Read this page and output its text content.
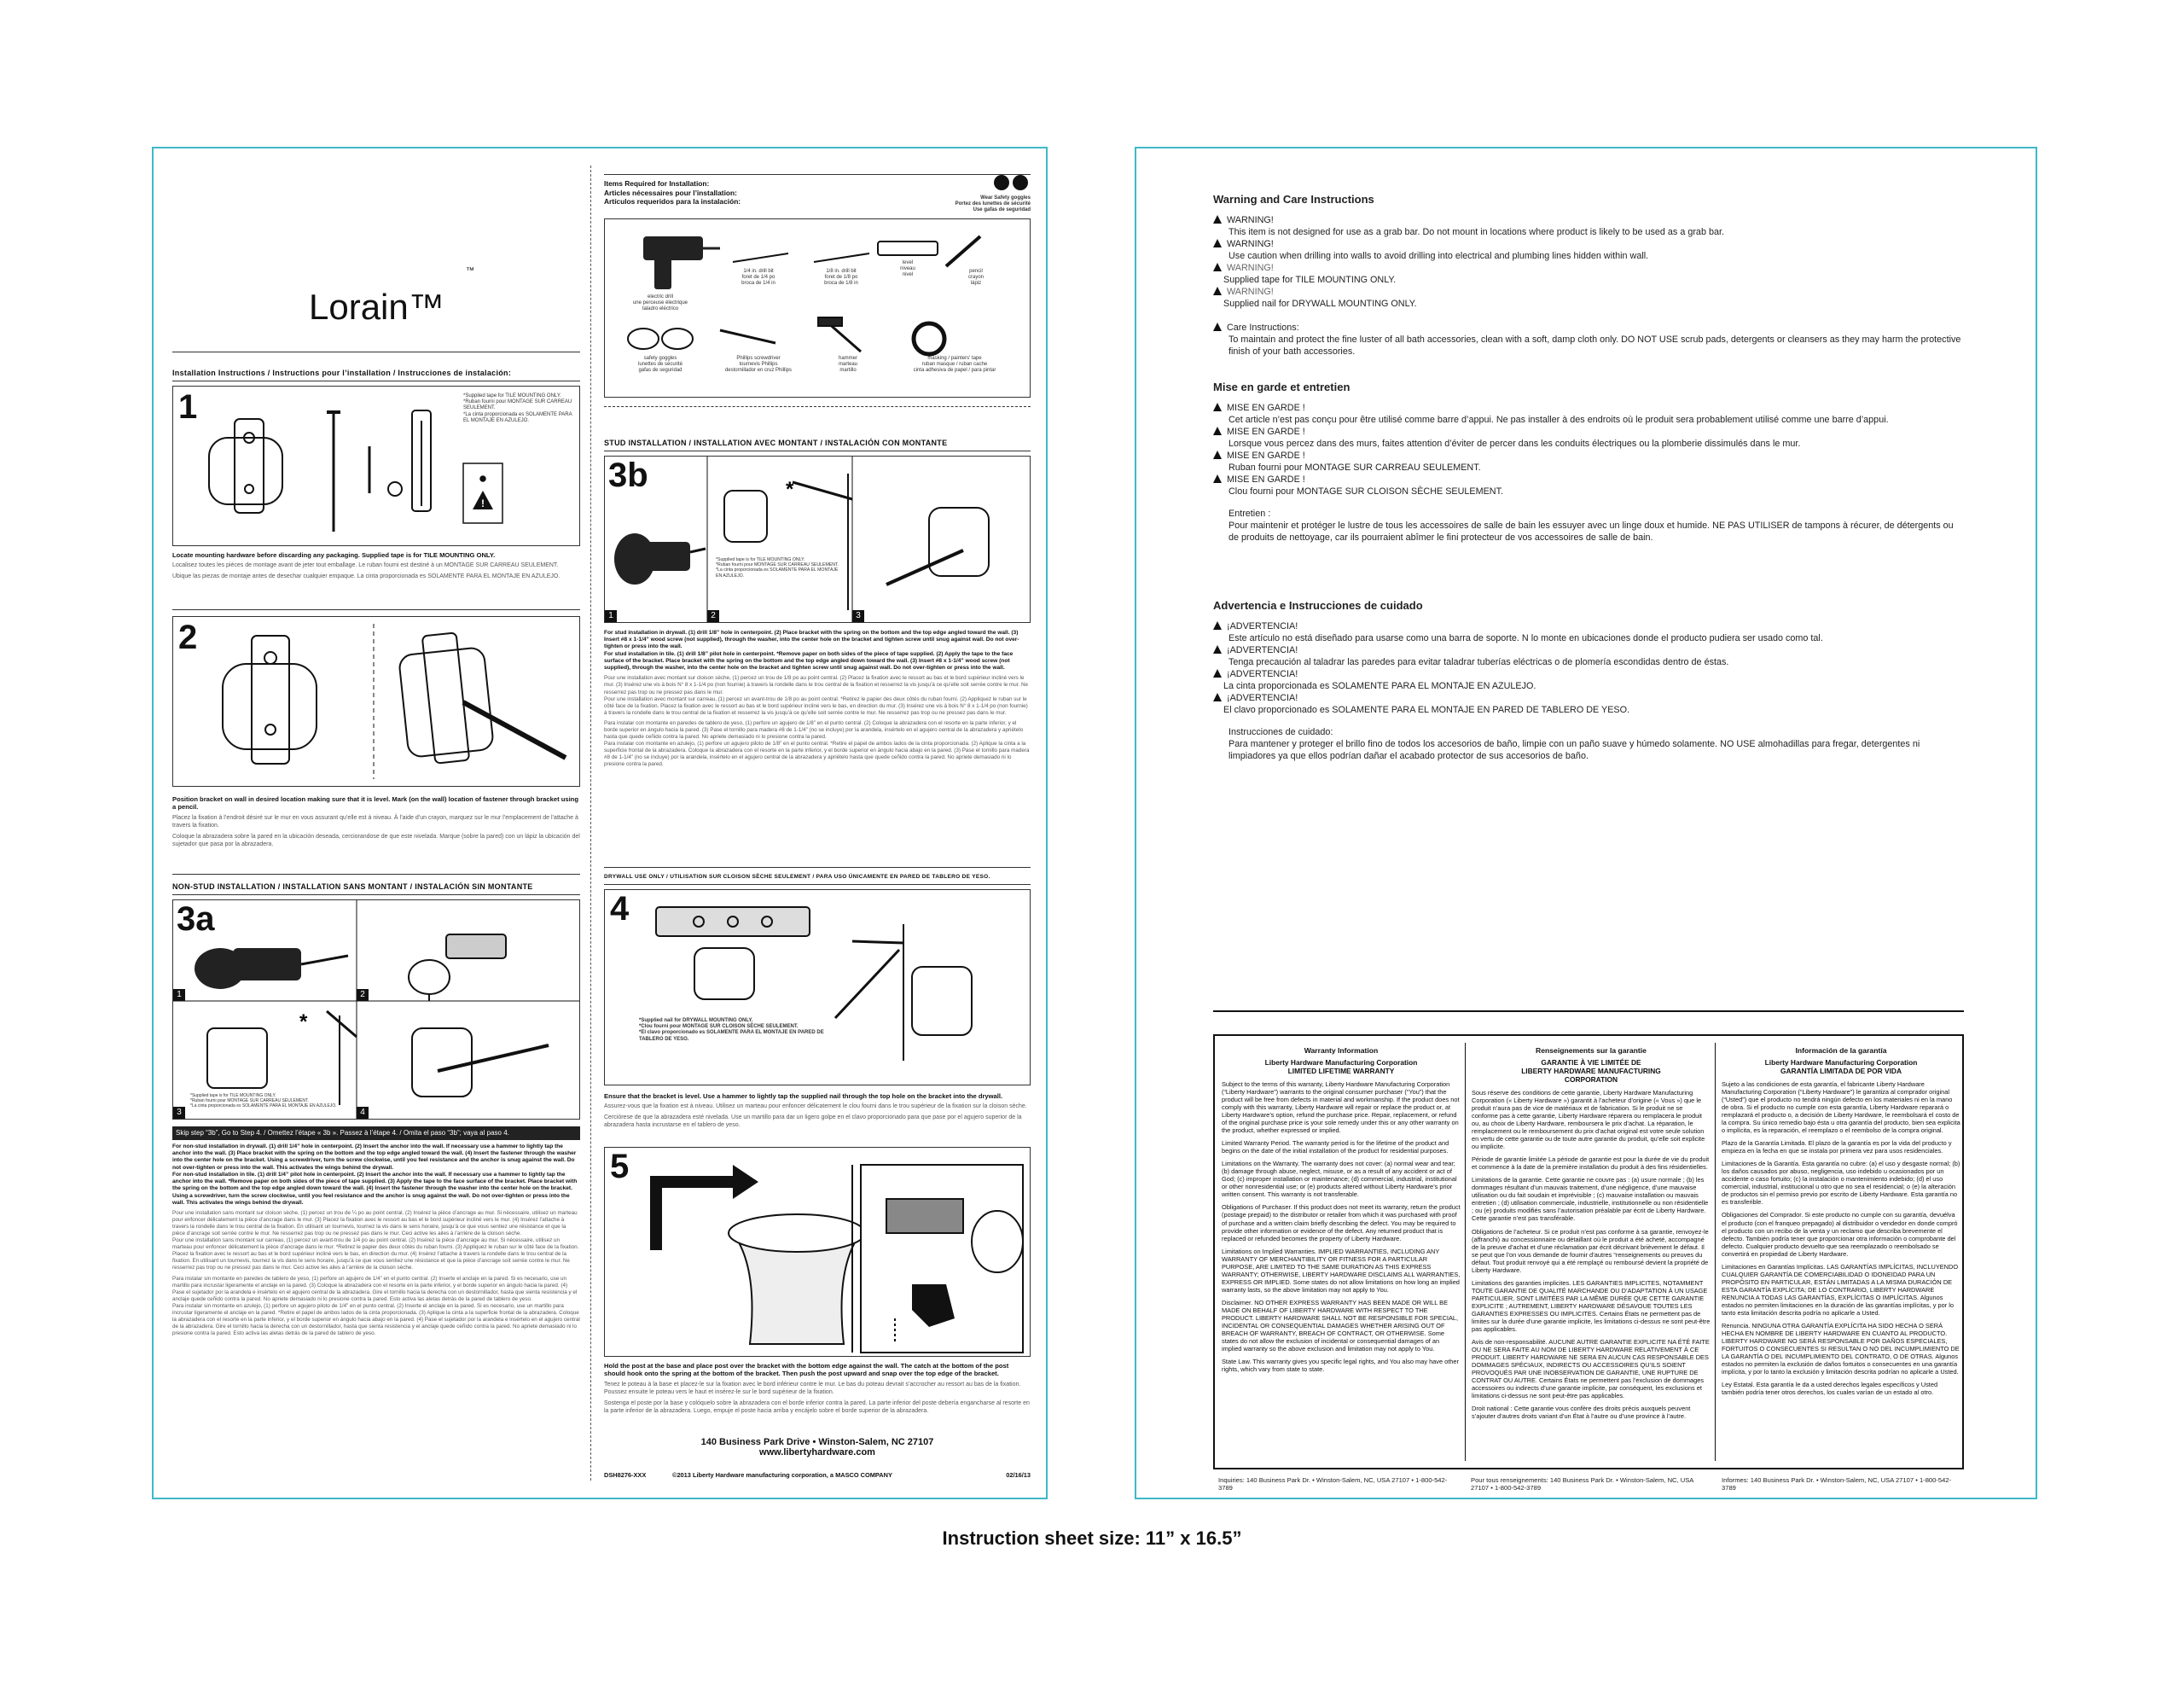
™
Lorain™
Installation Instructions / Instructions pour l’installation / Instrucciones de instalación:
1
!
*Supplied tape for TILE MOUNTING ONLY.
*Ruban fourni pour MONTAGE SUR CARREAU SEULEMENT.
*La cinta proporcionada es SOLAMENTE PARA EL MONTAJE EN AZULEJO.
Locate mounting hardware before discarding any packaging. Supplied tape is for TILE MOUNTING ONLY.
Localisez toutes les pièces de montage avant de jeter tout emballage. Le ruban fourni est destiné à un MONTAGE SUR CARREAU SEULEMENT.
Ubique las piezas de montaje antes de desechar cualquier empaque. La cinta proporcionada es SOLAMENTE PARA EL MONTAJE EN AZULEJO.
2
Position bracket on wall in desired location making sure that it is level. Mark (on the wall) location of fastener through bracket using a pencil.
Placez la fixation à l’endroit désiré sur le mur en vous assurant qu’elle est à niveau. À l’aide d’un crayon, marquez sur le mur l’emplacement de l’attache à travers la fixation.
Coloque la abrazadera sobre la pared en la ubicación deseada, cerciorandose de que este nivelada. Marque (sobre la pared) con un lápiz la ubicación del sujetador que pasa por la abrazadera.
NON-STUD INSTALLATION / INSTALLATION SANS MONTANT / INSTALACIÓN SIN MONTANTE
3a
*
1	2
3	4
*Supplied tape is for TILE MOUNTING ONLY.
*Ruban fourni pour MONTAGE SUR CARREAU SEULEMENT.
*La cinta proporcionada es SOLAMENTE PARA EL MONTAJE EN AZULEJO.
Skip step “3b”, Go to Step 4. / Omettez l’étape « 3b ». Passez à l’étape 4. / Omita el paso “3b”; vaya al paso 4.
For non-stud installation in drywall. (1) drill 1/4” hole in centerpoint. (2) Insert the anchor into the wall. If necessary use a hammer to lightly tap the anchor into the wall. (3) Place bracket with the spring on the bottom and the top edge angled toward the wall. (4) Insert the fastener through the washer into the center hole on the bracket. Using a screwdriver, turn the screw clockwise, until you feel resistance and the anchor is snug against the wall. Do not over-tighten or press into the wall. This activates the wings behind the drywall.
For non-stud installation in tile. (1) drill 1/4” pilot hole in centerpoint. (2) Insert the anchor into the wall. If necessary use a hammer to lightly tap the anchor into the wall. *Remove paper on both sides of the piece of tape supplied. (3) Apply the tape to the face surface of the bracket. Place bracket with the spring on the bottom and the top edge angled down toward the wall. (4) Insert the fastener through the washer into the center hole on the bracket. Using a screwdriver, turn the screw clockwise, until you feel resistance and the anchor is snug against the wall. Do not over-tighten or press into the wall. This activates the wings behind the drywall.
Pour une installation sans montant sur cloison sèche, (1) percez un trou de ¼ po au point central. (2) Insérez la pièce d’ancrage au mur. Si nécessaire, utilisez un marteau pour enfoncer délicatement la pièce d’ancrage dans le mur. (3) Placez la fixation avec le ressort au bas et le bord supérieur incliné vers le mur. (4) Insérez l’attache à travers la rondelle dans le trou central de la fixation. En utilisant un tournevis, tournez la vis dans le sens horaire, jusqu’à ce que vous sentiez une résistance et que la pièce d’ancrage soit serrée contre le mur. Ne resserrez pas trop ou ne pressez pas dans le mur. Ceci active les ailes à l’arrière de la cloison sèche.
Pour une installation sans montant sur carreau, (1) percez un avant-trou de 1/4 po au point central. (2) Insérez la pièce d’ancrage au mur. Si nécessaire, utilisez un marteau pour enfoncer délicatement la pièce d’ancrage dans le mur. *Retirez le papier des deux côtés du ruban fourni. (3) Appliquez le ruban sur le côté face de la fixation. Placez la fixation avec le ressort au bas et le bord supérieur incliné vers le bas, en direction du mur. (4) Insérez l’attache à travers la rondelle dans le trou central de la fixation. En utilisant un tournevis, tournez la vis dans le sens horaire, jusqu’à ce que vous sentiez une résistance et que la pièce d’ancrage soit serrée contre le mur. Ne resserrez pas trop ou ne pressez pas dans le mur. Ceci active les ailes à l’arrière de la cloison sèche.
Para instalar sin montante en paredes de tablero de yeso, (1) perfore un agujero de 1/4” en el punto central. (2) Inserte el anclaje en la pared. Si es necesario, use un martillo para incrustar ligeramente el anclaje en la pared. (3) Coloque la abrazadera con el resorte en la parte inferior, y el borde superior en ángulo hacia la pared. (4) Pase el sujetador por la arandela e insértelo en el agujero central de la abrazadera. Gire el tornillo hacia la derecha con un destornillador, hasta que sienta resistencia y el anclaje quede ceñido contra la pared. No apriete demasiado ni lo presione contra la pared. Esto activa las aletas detrás de la pared de tablero de yeso.
Para instalar sin montante en azulejo, (1) perfore un agujero piloto de 1/4” en el punto central. (2) Inserte el anclaje en la pared. Si es necesario, use un martillo para incrustar ligeramente el anclaje en la pared. *Retire el papel de ambos lados de la cinta proporcionada. (3) Aplique la cinta a la superficie frontal de la abrazadera. Coloque la abrazadera con el resorte en la parte inferior, y el borde superior en ángulo hacia abajo en la pared. (4) Pase el sujetador por la arandela e insértelo en el agujero central de la abrazadera. Gire el tornillo hacia la derecha con un destornillador, hasta que sienta resistencia y el anclaje quede ceñido contra la pared. No apriete demasiado ni lo presione contra la pared. Esto activa las aletas detrás de la pared de tablero de yeso.
Items Required for Installation:
Articles nécessaires pour l’installation:
Artículos requeridos para la instalación:	Wear Safety goggles
Portez des lunettes de sécurité
Use gafas de seguridad
electric drill
une perceuse électrique
taladro eléctrico
1/4 in. drill bit
foret de 1/4 po
broca de 1/4 in
1/8 in. drill bit
foret de 1/8 po
broca de 1/8 in
level
niveau
nivel
pencil
crayon
lápiz
safety goggles
lunettes de sécurité
gafas de seguridad
Phillips screwdriver
tournevis Phillips
destornillador en cruz Phillips
hammer
marteau
martillo
masking / painters' tape
ruban masque / ruban cache
cinta adhesiva de papel / para pintar
STUD INSTALLATION / INSTALLATION AVEC MONTANT / INSTALACIÓN CON MONTANTE
3b	*
*Supplied tape is for TILE MOUNTING ONLY.
*Ruban fourni pour MONTAGE SUR CARREAU SEULEMENT.
*La cinta proporcionada es SOLAMENTE PARA EL MONTAJE EN AZULEJO.
1	2	3
For stud installation in drywall. (1) drill 1/8” hole in centerpoint. (2) Place bracket with the spring on the bottom and the top edge angled toward the wall. (3) Insert #8 x 1-1/4” wood screw (not supplied), through the washer, into the center hole on the bracket and tighten screw until snug against wall. Do not over-tighten or press into the wall.
For stud installation in tile. (1) drill 1/8” pilot hole in centerpoint. *Remove paper on both sides of the piece of tape supplied. (2) Apply the tape to the face surface of the bracket. Place bracket with the spring on the bottom and the top edge angled down toward the wall. (3) Insert #8 x 1-1/4” wood screw (not supplied), through the washer, into the center hole on the bracket and tighten screw until snug against wall. Do not over-tighten or press into the wall.
Pour une installation avec montant sur cloison sèche, (1) percez un trou de 1/8 po au point central. (2) Placez la fixation avec le ressort au bas et le bord supérieur incliné vers le mur. (3) Insérez une vis à bois N° 8 x 1-1/4 po (non fournie) à travers la rondelle dans le trou central de la fixation et resserrez la vis jusqu’à ce qu’elle soit serrée contre le mur. Ne resserrez pas trop ou ne pressez pas dans le mur.
Pour une installation avec montant sur carreau, (1) percez un avant-trou de 1/8 po au point central. *Retirez le papier des deux côtés du ruban fourni. (2) Appliquez le ruban sur le côté face de la fixation. Placez la fixation avec le ressort au bas et le bord supérieur incliné vers le bas, en direction du mur. (3) Insérez une vis à bois N° 8 x 1-1/4 po (non fournie) à travers la rondelle dans le trou central de la fixation et resserrez la vis jusqu’à ce qu’elle soit serrée contre le mur. Ne resserrez pas trop ou ne pressez pas dans le mur.
Para instalar con montante en paredes de tablero de yeso, (1) perfore un agujero de 1/8” en el punto central. (2) Coloque la abrazadera con el resorte en la parte inferior, y el borde superior en ángulo hacia la pared. (3) Pase el tornillo para madera #8 de 1-1/4” (no se incluye) por la arandela, insértelo en el agujero central de la abrazadera y apriételo hasta que quede ceñido contra la pared. No apriete demasiado ni lo presione contra la pared.
Para instalar con montante en azulejo, (1) perfore un agujero piloto de 1/8” en el punto central. *Retire el papel de ambos lados de la cinta proporcionada. (2) Aplique la cinta a la superficie frontal de la abrazadera. Coloque la abrazadera con el resorte en la parte inferior, y el borde superior en ángulo hacia abajo en la pared. (3) Pase el tornillo para madera #8 de 1-1/4” (no se incluye) por la arandela, insértelo en el agujero central de la abrazadera y apriételo hasta que quede ceñido contra la pared. No apriete demasiado ni lo presione contra la pared.
DRYWALL USE ONLY / UTILISATION SUR CLOISON SÈCHE SEULEMENT / PARA USO ÚNICAMENTE EN PARED DE TABLERO DE YESO.
4
*Supplied nail for DRYWALL MOUNTING ONLY.
*Clou fourni pour MONTAGE SUR CLOISON SÈCHE SEULEMENT.
*El clavo proporcionado es SOLAMENTE PARA EL MONTAJE EN PARED DE TABLERO DE YESO.
Ensure that the bracket is level. Use a hammer to lightly tap the supplied nail through the top hole on the bracket into the drywall.
Assurez-vous que la fixation est à niveau. Utilisez un marteau pour enfoncer délicatement le clou fourni dans le trou supérieur de la fixation sur la cloison sèche.
Cerciórese de que la abrazadera esté nivelada. Use un martillo para dar un ligero golpe en el clavo proporcionado para que pase por el agujero superior de la abrazadera hasta incrustarse en el tablero de yeso.
5
Hold the post at the base and place post over the bracket with the bottom edge against the wall. The catch at the bottom of the post should hook onto the spring at the bottom of the bracket. Then push the post upward and snap over the top edge of the bracket.
Tenez le poteau à la base et placez-le sur la fixation avec le bord inférieur contre le mur. Le bas du poteau devrait s’accrocher au ressort au bas de la fixation. Poussez ensuite le poteau vers le haut et insérez-le sur le bord supérieur de la fixation.
Sostenga el poste por la base y colóquelo sobre la abrazadera con el borde inferior contra la pared. La parte inferior del poste debería engancharse al resorte en la parte inferior de la abrazadera. Luego, empuje el poste hacia arriba y encájelo sobre el borde superior de la abrazadera.
140 Business Park Drive • Winston-Salem, NC 27107
www.libertyhardware.com
DSH8276-XXX	©2013 Liberty Hardware manufacturing corporation, a MASCO COMPANY	02/16/13
Warning and Care Instructions
WARNING!
This item is not designed for use as a grab bar. Do not mount in locations where product is likely to be used as a grab bar.
WARNING!
Use caution when drilling into walls to avoid drilling into electrical and plumbing lines hidden within wall.
WARNING!
Supplied tape for TILE MOUNTING ONLY.
WARNING!
Supplied nail for DRYWALL MOUNTING ONLY.
Care Instructions:
To maintain and protect the fine luster of all bath accessories, clean with a soft, damp cloth only. DO NOT USE scrub pads, detergents or cleansers as they may harm the protective finish of your bath accessories.
Mise en garde et entretien
MISE EN GARDE !
Cet article n’est pas conçu pour être utilisé comme barre d’appui. Ne pas installer à des endroits où le produit sera probablement utilisé comme une barre d’appui.
MISE EN GARDE !
Lorsque vous percez dans des murs, faites attention d’éviter de percer dans les conduits électriques ou la plomberie dissimulés dans le mur.
MISE EN GARDE !
Ruban fourni pour MONTAGE SUR CARREAU SEULEMENT.
MISE EN GARDE !
Clou fourni pour MONTAGE SUR CLOISON SÈCHE SEULEMENT.
Entretien :
Pour maintenir et protéger le lustre de tous les accessoires de salle de bain les essuyer avec un linge doux et humide. NE PAS UTILISER de tampons à récurer, de détergents ou de produits de nettoyage, car ils pourraient abîmer le fini protecteur de vos accessoires de salle de bain.
Advertencia e Instrucciones de cuidado
¡ADVERTENCIA!
Este artículo no está diseñado para usarse como una barra de soporte. N lo monte en ubicaciones donde el producto pudiera ser usado como tal.
¡ADVERTENCIA!
Tenga precaución al taladrar las paredes para evitar taladrar tuberías eléctricas o de plomería escondidas dentro de éstas.
¡ADVERTENCIA!
La cinta proporcionada es SOLAMENTE PARA EL MONTAJE EN AZULEJO.
¡ADVERTENCIA!
El clavo proporcionado es SOLAMENTE PARA EL MONTAJE EN PARED DE TABLERO DE YESO.
Instrucciones de cuidado:
Para mantener y proteger el brillo fino de todos los accesorios de baño, limpie con un paño suave y húmedo solamente. NO USE almohadillas para fregar, detergentes ni limpiadores ya que ellos podrían dañar el acabado protector de sus accesorios de baño.
Warranty Information
Liberty Hardware Manufacturing Corporation
LIMITED LIFETIME WARRANTY

Subject to the terms of this warranty, Liberty Hardware Manufacturing Corporation (“Liberty Hardware”) warrants to the original consumer purchaser (“You”) that the product will be free from defects in material and workmanship. If the product does not comply with this warranty, Liberty Hardware will repair or replace the product or, at Liberty Hardware’s option, refund the purchase price. Repair, replacement, or refund of the original purchase price is your sole remedy under this or any other warranty on the product, whether expressed or implied.

Limited Warranty Period. The warranty period is for the lifetime of the product and begins on the date of the initial installation of the product for residential purposes.

Limitations on the Warranty. The warranty does not cover: (a) normal wear and tear; (b) damage through abuse, neglect, misuse, or as a result of any accident or act of God; (c) improper installation or maintenance; (d) commercial, industrial, institutional or other nonresidential use; or (e) products altered without Liberty Hardware’s prior written consent. This warranty is not transferable.

Obligations of Purchaser. If this product does not meet its warranty, return the product (postage prepaid) to the distributor or retailer from which it was purchased with proof of purchase and a written claim briefly describing the defect. You may be required to provide other information or evidence of the defect. Any returned product that is replaced or refunded becomes the property of Liberty Hardware.

Limitations on Implied Warranties. IMPLIED WARRANTIES, INCLUDING ANY WARRANTY OF MERCHANTIBILITY OR FITNESS FOR A PARTICULAR PURPOSE, ARE LIMITED TO THE SAME DURATION AS THIS EXPRESS WARRANTY; OTHERWISE, LIBERTY HARDWARE DISCLAIMS ALL WARRANTIES, EXPRESS OR IMPLIED. Some states do not allow limitations on how long an implied warranty lasts, so the above limitation may not apply to You.

Disclaimer. NO OTHER EXPRESS WARRANTY HAS BEEN MADE OR WILL BE MADE ON BEHALF OF LIBERTY HARDWARE WITH RESPECT TO THE PRODUCT. LIBERTY HARDWARE SHALL NOT BE RESPONSIBLE FOR SPECIAL, INCIDENTAL OR CONSEQUENTIAL DAMAGES WHETHER ARISING OUT OF BREACH OF WARRANTY, BREACH OF CONTRACT, OR OTHERWISE. Some states do not allow the exclusion of incidental or consequential damages of an implied warranty so the above exclusion and limitation may not apply to You.

State Law. This warranty gives you specific legal rights, and You also may have other rights, which vary from state to state.

Renseignements sur la garantie
GARANTIE À VIE LIMITÉE DE
LIBERTY HARDWARE MANUFACTURING
CORPORATION

Sous réserve des conditions de cette garantie, Liberty Hardware Manufacturing Corporation (« Liberty Hardware ») garantit à l’acheteur d’origine (« Vous ») que le produit n’aura pas de vice de matériaux et de fabrication. Si le produit ne se conforme pas à cette garantie, Liberty Hardware réparera ou remplacera le produit ou, au choix de Liberty Hardware, remboursera le prix d’achat. La réparation, le remplacement ou le remboursement du prix d’achat original est votre seule solution en vertu de cette garantie ou de toute autre garantie du produit, qu’elle soit explicite ou implicite.

Période de garantie limitée La période de garantie est pour la durée de vie du produit et commence à la date de la première installation du produit à des fins résidentielles.

Limitations de la garantie. Cette garantie ne couvre pas : (a) usure normale ; (b) les dommages résultant d’un mauvais traitement, d’une négligence, d’une mauvaise utilisation ou du fait soudain et imprévisible ; (c) mauvaise installation ou mauvais entretien ; (d) utilisation commerciale, industrielle, institutionnelle ou non résidentielle ; ou (e) produits modifiés sans l’autorisation préalable par écrit de Liberty Hardware. Cette garantie n’est pas transférable.

Obligations de l’acheteur. Si ce produit n’est pas conforme à sa garantie, renvoyez-le (affranchi) au concessionnaire ou détaillant où le produit a été acheté, accompagné de la preuve d’achat et d’une réclamation par écrit décrivant brièvement le défaut. Il se peut que l’on vous demande de fournir d’autres “renseignements ou preuves du défaut. Tout produit renvoyé qui a été remplaçé ou remboursé devient la propriété de Liberty Hardware.

Limitations des garanties implicites. LES GARANTIES IMPLICITES, NOTAMMENT TOUTE GARANTIE DE QUALITÉ MARCHANDE OU D’ADAPTATION À UN USAGE PARTICULIER, SONT LIMITÉES PAR LA MÊME DURÉE QUE CETTE GARANTIE EXPLICITE ; AUTREMENT, LIBERTY HARDWARE DÉSAVOUE TOUTES LES GARANTIES EXPRESSES OU IMPLICITES. Certains États ne permettent pas de limites sur la durée d’une garantie implicite, les limitations ci-dessus ne sont peut-être pas applicables.

Avis de non-responsabilité. AUCUNE AUTRE GARANTIE EXPLICITE NA ÉTÉ FAITE OU NE SERA FAITE AU NOM DE LIBERTY HARDWARE RELATIVEMENT À CE PRODUIT. LIBERTY HARDWARE NE SERA EN AUCUN CAS RESPONSABLE DES DOMMAGES SPÉCIAUX, INDIRECTS OU ACCESSOIRES QU’ILS SOIENT PROVOQUÉS PAR UNE INOBSERVATION DE GARANTIE, UNE RUPTURE DE CONTRAT OU AUTRE. Certains États ne permettent pas l’exclusion de dommages accessoires ou indirects d’une garantie implicite, par conséquent, les exclusions et limitations ci-dessus ne sont peut-être pas applicables.

Droit national : Cette garantie vous confère des droits précis auxquels peuvent s’ajouter d’autres droits variant d’un État à l’autre ou d’une province à l’autre.

Información de la garantía
Liberty Hardware Manufacturing Corporation
GARANTÍA LIMITADA DE POR VIDA

Sujeto a las condiciones de esta garantía, el fabricante Liberty Hardware Manufacturing Corporation (“Liberty Hardware”) le garantiza al comprador original (“Usted”) que el producto no tendrá ningún defecto en los materiales ni en la mano de obra. Si el producto no cumple con esta garantía, Liberty Hardware reparará o remplazará el producto o, a decisión de Liberty Hardware, le reembolsará el costo de la compra. Su único remedio bajo ésta u otra garantía del producto, bien sea explicita o implícita, es la reparación, el reemplazo o el reembolso de la compra original.

Plazo de la Garantía Limitada. El plazo de la garantía es por la vida del producto y empieza en la fecha en que se instala por primera vez para usos residenciales.

Limitaciones de la Garantía. Esta garantía no cubre: (a) el uso y desgaste normal; (b) los daños causados por abuso, negligencia, uso indebido u ocasionados por un accidente o caso fortuito; (c) la instalación o mantenimiento indebido; (d) el uso comercial, industrial, institucional u otro que no sea el residencial; o (e) la alteración de productos sin el permiso previo por escrito de Liberty Hardware. Esta garantía no es transferible.

Obligaciones del Comprador. Si este producto no cumple con su garantía, devuélva el producto (con el franqueo prepagado) al distribuidor o vendedor en donde compró el producto con un recibo de la venta y un reclamo que describa brevemente el defecto. También podría tener que proporcionar otra información o comprobante del defecto. Cualquier producto devuelto que sea reemplazado o reembolsado se convertirá en propiedad de Liberty Hardware.

Limitaciones en Garantías Implícitas. LAS GARANTÍAS IMPLÍCITAS, INCLUYENDO CUALQUIER GARANTÍA DE COMERCIABILIDAD O IDONEIDAD PARA UN PROPÓSITO EN PARTICULAR, ESTÁN LIMITADAS A LA MISMA DURACIÓN DE ESTA GARANTÍA EXPLÍCITA; DE LO CONTRARIO, LIBERTY HARDWARE RENUNCIA A TODAS LAS GARANTÍAS, EXPLÍCITAS O IMPLÍCITAS. Algunos estados no permiten limitaciones en la duración de las garantías implícitas, y por lo tanto esta limitación descrita podría no aplicarle a Usted.

Renuncia. NINGUNA OTRA GARANTÍA EXPLÍCITA HA SIDO HECHA O SERÁ HECHA EN NOMBRE DE LIBERTY HARDWARE EN CUANTO AL PRODUCTO. LIBERTY HARDWARE NO SERÁ RESPONSABLE POR DAÑOS ESPECIALES, FORTUITOS O CONSECUENTES SI RESULTAN O NO DEL INCUMPLIMIENTO DE LA GARANTÍA O DEL INCUMPLIMIENTO DEL CONTRATO, O DE OTRAS. Algunos estados no permiten la exclusión de daños fortuitos o consecuentes en una garantía implícita, y por lo tanto la exclusión y limitación descrita podrían no aplicarle a Usted.

Ley Estatal. Esta garantía le da a usted derechos legales específicos y Usted también podría tener otros derechos, los cuales varían de un estado al otro.

Inquiries: 140 Business Park Dr. • Winston-Salem, NC, USA 27107 • 1-800-542-3789
Pour tous renseignements: 140 Business Park Dr. • Winston-Salem, NC, USA 27107 • 1-800-542-3789
Informes: 140 Business Park Dr. • Winston-Salem, NC, USA 27107 • 1-800-542-3789
Instruction sheet size: 11” x 16.5”
